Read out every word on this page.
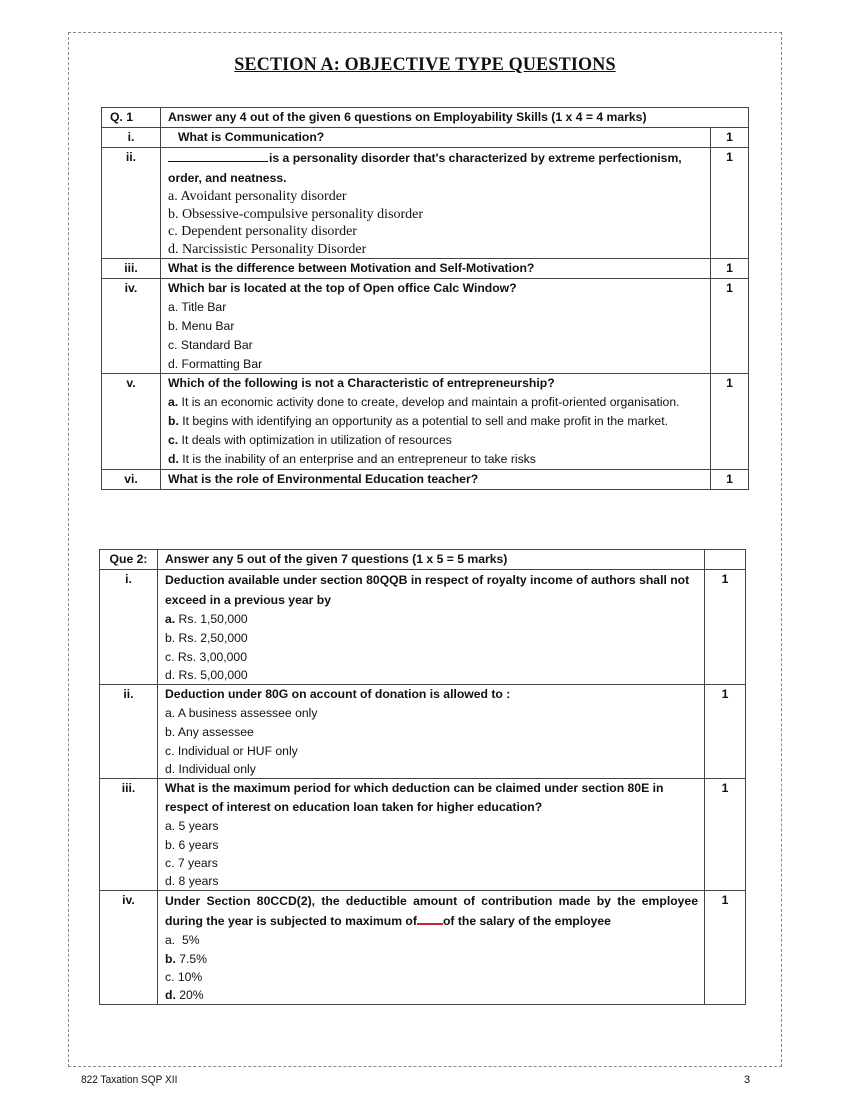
SECTION A: OBJECTIVE TYPE QUESTIONS
Q. 1	Answer any 4 out of the given 6 questions on Employability Skills (1 x 4 = 4 marks)	
i.	What is Communication?	1
ii.	is a personality disorder that's characterized by extreme perfectionism, order, and neatness.
a. Avoidant personality disorder
b. Obsessive-compulsive personality disorder
c. Dependent personality disorder
d. Narcissistic Personality Disorder	1
iii.	What is the difference between Motivation and Self-Motivation?	1
iv.	Which bar is located at the top of Open office Calc Window?
a. Title Bar
b. Menu Bar
c. Standard Bar
d. Formatting Bar	1
v.	Which of the following is not a Characteristic of entrepreneurship?
a. It is an economic activity done to create, develop and maintain a profit-oriented organisation.
b. It begins with identifying an opportunity as a potential to sell and make profit in the market.
c. It deals with optimization in utilization of resources
d. It is the inability of an enterprise and an entrepreneur to take risks	1
vi.	What is the role of Environmental Education teacher?	1
Que 2:	Answer any 5 out of the given 7 questions (1 x 5 = 5 marks)	
i.	Deduction available under section 80QQB in respect of royalty income of authors shall not exceed in a previous year by
a. Rs. 1,50,000
b. Rs. 2,50,000
c. Rs. 3,00,000
d. Rs. 5,00,000	1
ii.	Deduction under 80G on account of donation is allowed to :
a. A business assessee only
b. Any assessee
c. Individual or HUF only
d. Individual only	1
iii.	What is the maximum period for which deduction can be claimed under section 80E in respect of interest on education loan taken for higher education?
a. 5 years
b. 6 years
c. 7 years
d. 8 years	1
iv.	Under Section 80CCD(2), the deductible amount of contribution made by the employee during the year is subjected to maximum of of the salary of the employee
a.  5%
b. 7.5%
c. 10%
d. 20%	1
822 Taxation SQP XII	3
